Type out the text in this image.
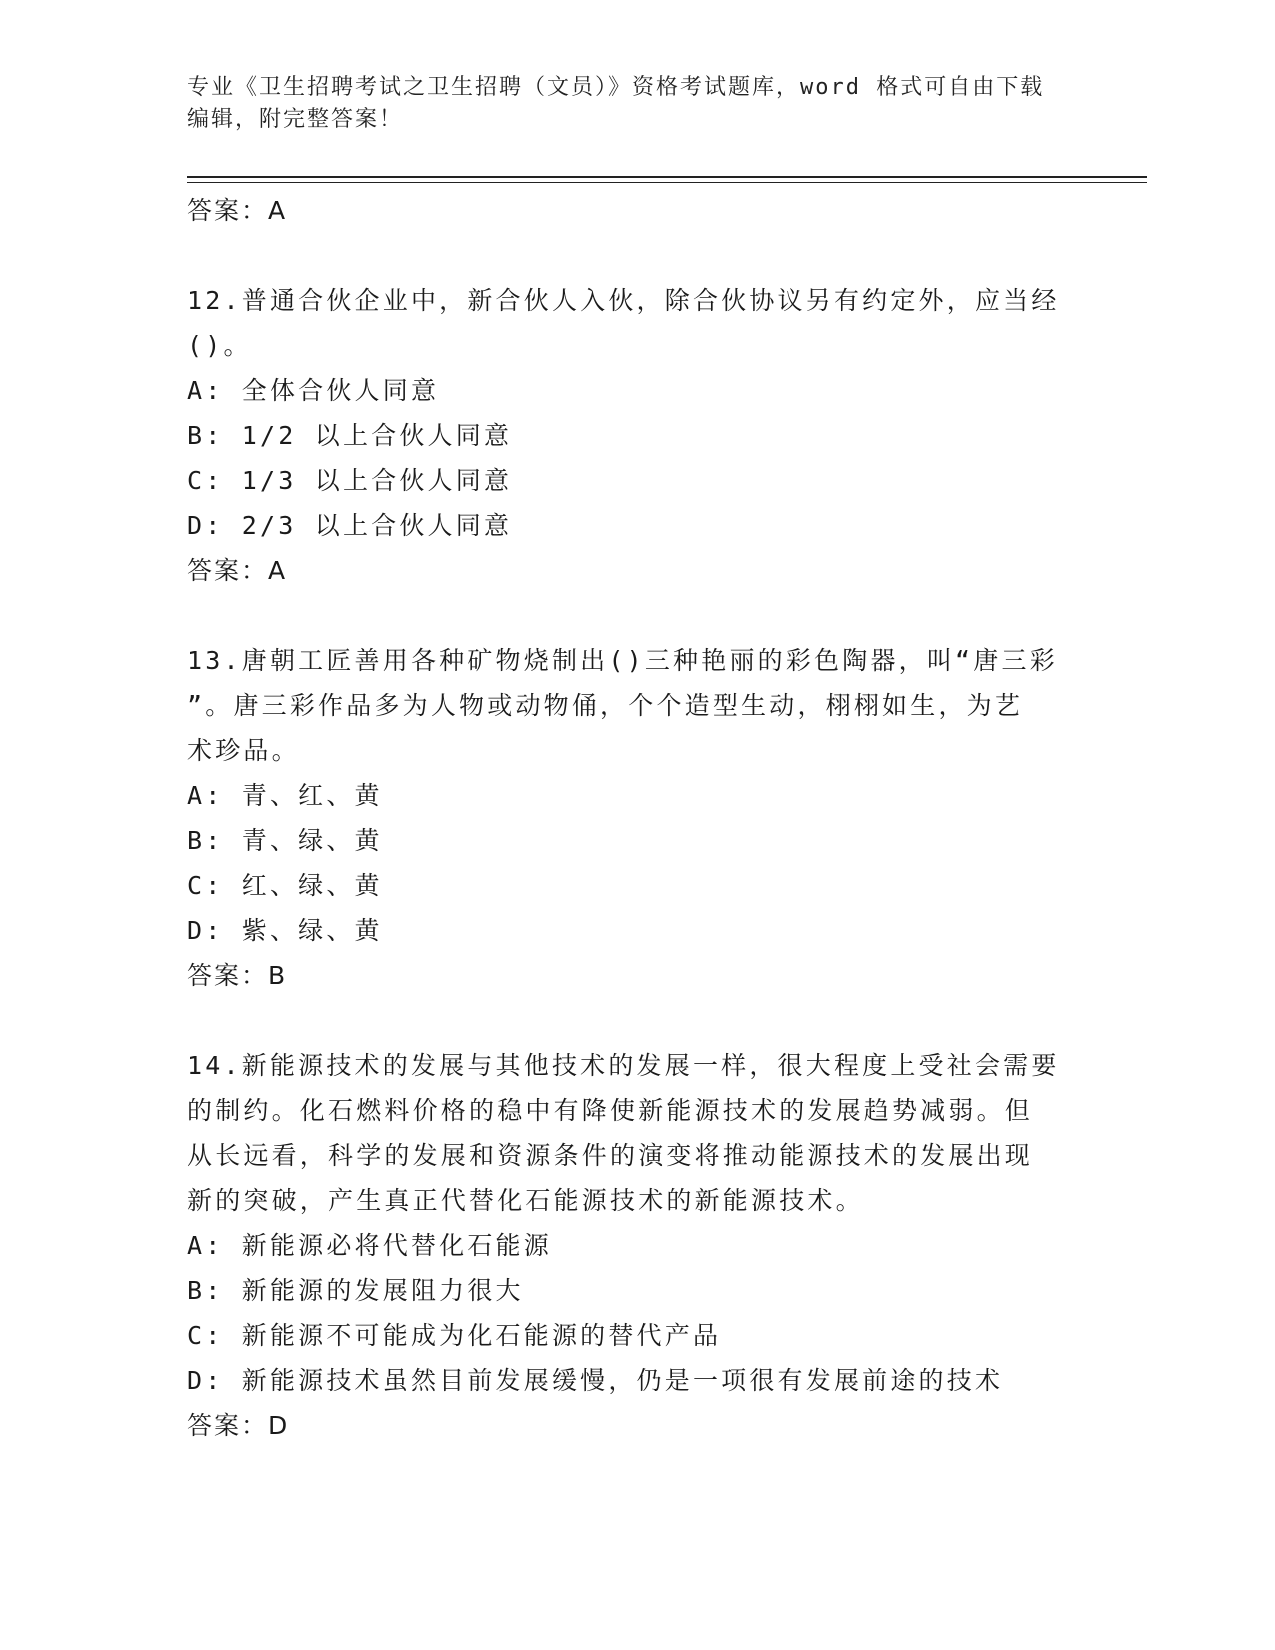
专业《卫生招聘考试之卫生招聘（文员）》资格考试题库，word 格式可自由下载
编辑，附完整答案！
答案：A
12.普通合伙企业中，新合伙人入伙，除合伙协议另有约定外，应当经
()。
A: 全体合伙人同意
B: 1/2 以上合伙人同意
C: 1/3 以上合伙人同意
D: 2/3 以上合伙人同意
答案：A
13.唐朝工匠善用各种矿物烧制出()三种艳丽的彩色陶器，叫“唐三彩
”。唐三彩作品多为人物或动物俑，个个造型生动，栩栩如生，为艺
术珍品。
A: 青、红、黄
B: 青、绿、黄
C: 红、绿、黄
D: 紫、绿、黄
答案：B
14.新能源技术的发展与其他技术的发展一样，很大程度上受社会需要
的制约。化石燃料价格的稳中有降使新能源技术的发展趋势减弱。但
从长远看，科学的发展和资源条件的演变将推动能源技术的发展出现
新的突破，产生真正代替化石能源技术的新能源技术。
A: 新能源必将代替化石能源
B: 新能源的发展阻力很大
C: 新能源不可能成为化石能源的替代产品
D: 新能源技术虽然目前发展缓慢，仍是一项很有发展前途的技术
答案：D
